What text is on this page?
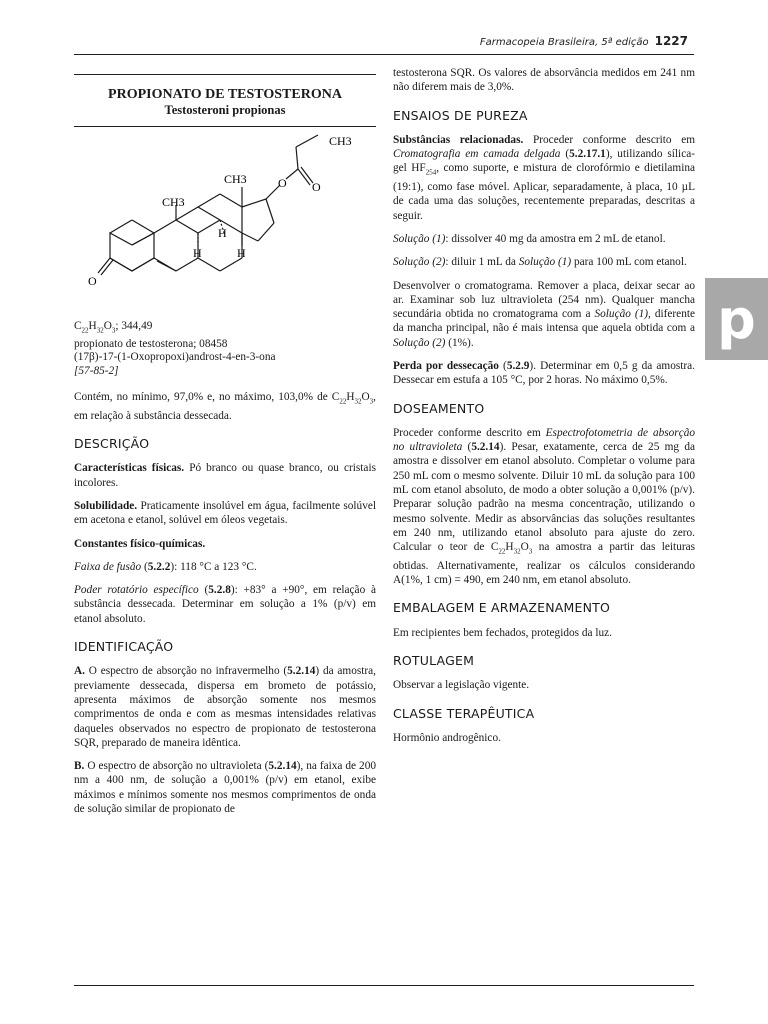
Farmacopeia Brasileira, 5ª edição 1227
p
PROPIONATO DE TESTOSTERONA
Testosteroni propionas
CH3
CH3
CH3
O O
O
H
H
H
$C_{22}H_{32}O_3$; 344,49
propionato de testosterona; 08458
(17β)-17-(1-Oxopropoxi)androst-4-en-3-ona
[57-85-2]

Contém, no mínimo, 97,0% e, no máximo, 103,0% de $C_{22}H_{32}O_3$, em relação à substância dessecada.

DESCRIÇÃO

Características físicas. Pó branco ou quase branco, ou cristais incolores.

Solubilidade. Praticamente insolúvel em água, facilmente solúvel em acetona e etanol, solúvel em óleos vegetais.

Constantes físico-químicas.

Faixa de fusão (5.2.2): 118 °C a 123 °C.

Poder rotatório específico (5.2.8): +83° a +90°, em relação à substância dessecada. Determinar em solução a 1% (p/v) em etanol absoluto.

IDENTIFICAÇÃO

A. O espectro de absorção no infravermelho (5.2.14) da amostra, previamente dessecada, dispersa em brometo de potássio, apresenta máximos de absorção somente nos mesmos comprimentos de onda e com as mesmas intensidades relativas daqueles observados no espectro de propionato de testosterona SQR, preparado de maneira idêntica.

B. O espectro de absorção no ultravioleta (5.2.14), na faixa de 200 nm a 400 nm, de solução a 0,001% (p/v) em etanol, exibe máximos e mínimos somente nos mesmos comprimentos de onda de solução similar de propionato de

testosterona SQR. Os valores de absorvância medidos em 241 nm não diferem mais de 3,0%.

ENSAIOS DE PUREZA

Substâncias relacionadas. Proceder conforme descrito em Cromatografia em camada delgada (5.2.17.1), utilizando sílica-gel $HF_{254}$, como suporte, e mistura de clorofórmio e dietilamina (19:1), como fase móvel. Aplicar, separadamente, à placa, 10 µL de cada uma das soluções, recentemente preparadas, descritas a seguir.

Solução (1): dissolver 40 mg da amostra em 2 mL de etanol.

Solução (2): diluir 1 mL da Solução (1) para 100 mL com etanol.

Desenvolver o cromatograma. Remover a placa, deixar secar ao ar. Examinar sob luz ultravioleta (254 nm). Qualquer mancha secundária obtida no cromatograma com a Solução (1), diferente da mancha principal, não é mais intensa que aquela obtida com a Solução (2) (1%).

Perda por dessecação (5.2.9). Determinar em 0,5 g da amostra. Dessecar em estufa a 105 °C, por 2 horas. No máximo 0,5%.

DOSEAMENTO

Proceder conforme descrito em Espectrofotometria de absorção no ultravioleta (5.2.14). Pesar, exatamente, cerca de 25 mg da amostra e dissolver em etanol absoluto. Completar o volume para 250 mL com o mesmo solvente. Diluir 10 mL da solução para 100 mL com etanol absoluto, de modo a obter solução a 0,001% (p/v). Preparar solução padrão na mesma concentração, utilizando o mesmo solvente. Medir as absorvâncias das soluções resultantes em 240 nm, utilizando etanol absoluto para ajuste do zero. Calcular o teor de $C_{22}H_{32}O_3$ na amostra a partir das leituras obtidas. Alternativamente, realizar os cálculos considerando A(1%, 1 cm) = 490, em 240 nm, em etanol absoluto.

EMBALAGEM E ARMAZENAMENTO

Em recipientes bem fechados, protegidos da luz.

ROTULAGEM

Observar a legislação vigente.

CLASSE TERAPÊUTICA

Hormônio androgênico.
